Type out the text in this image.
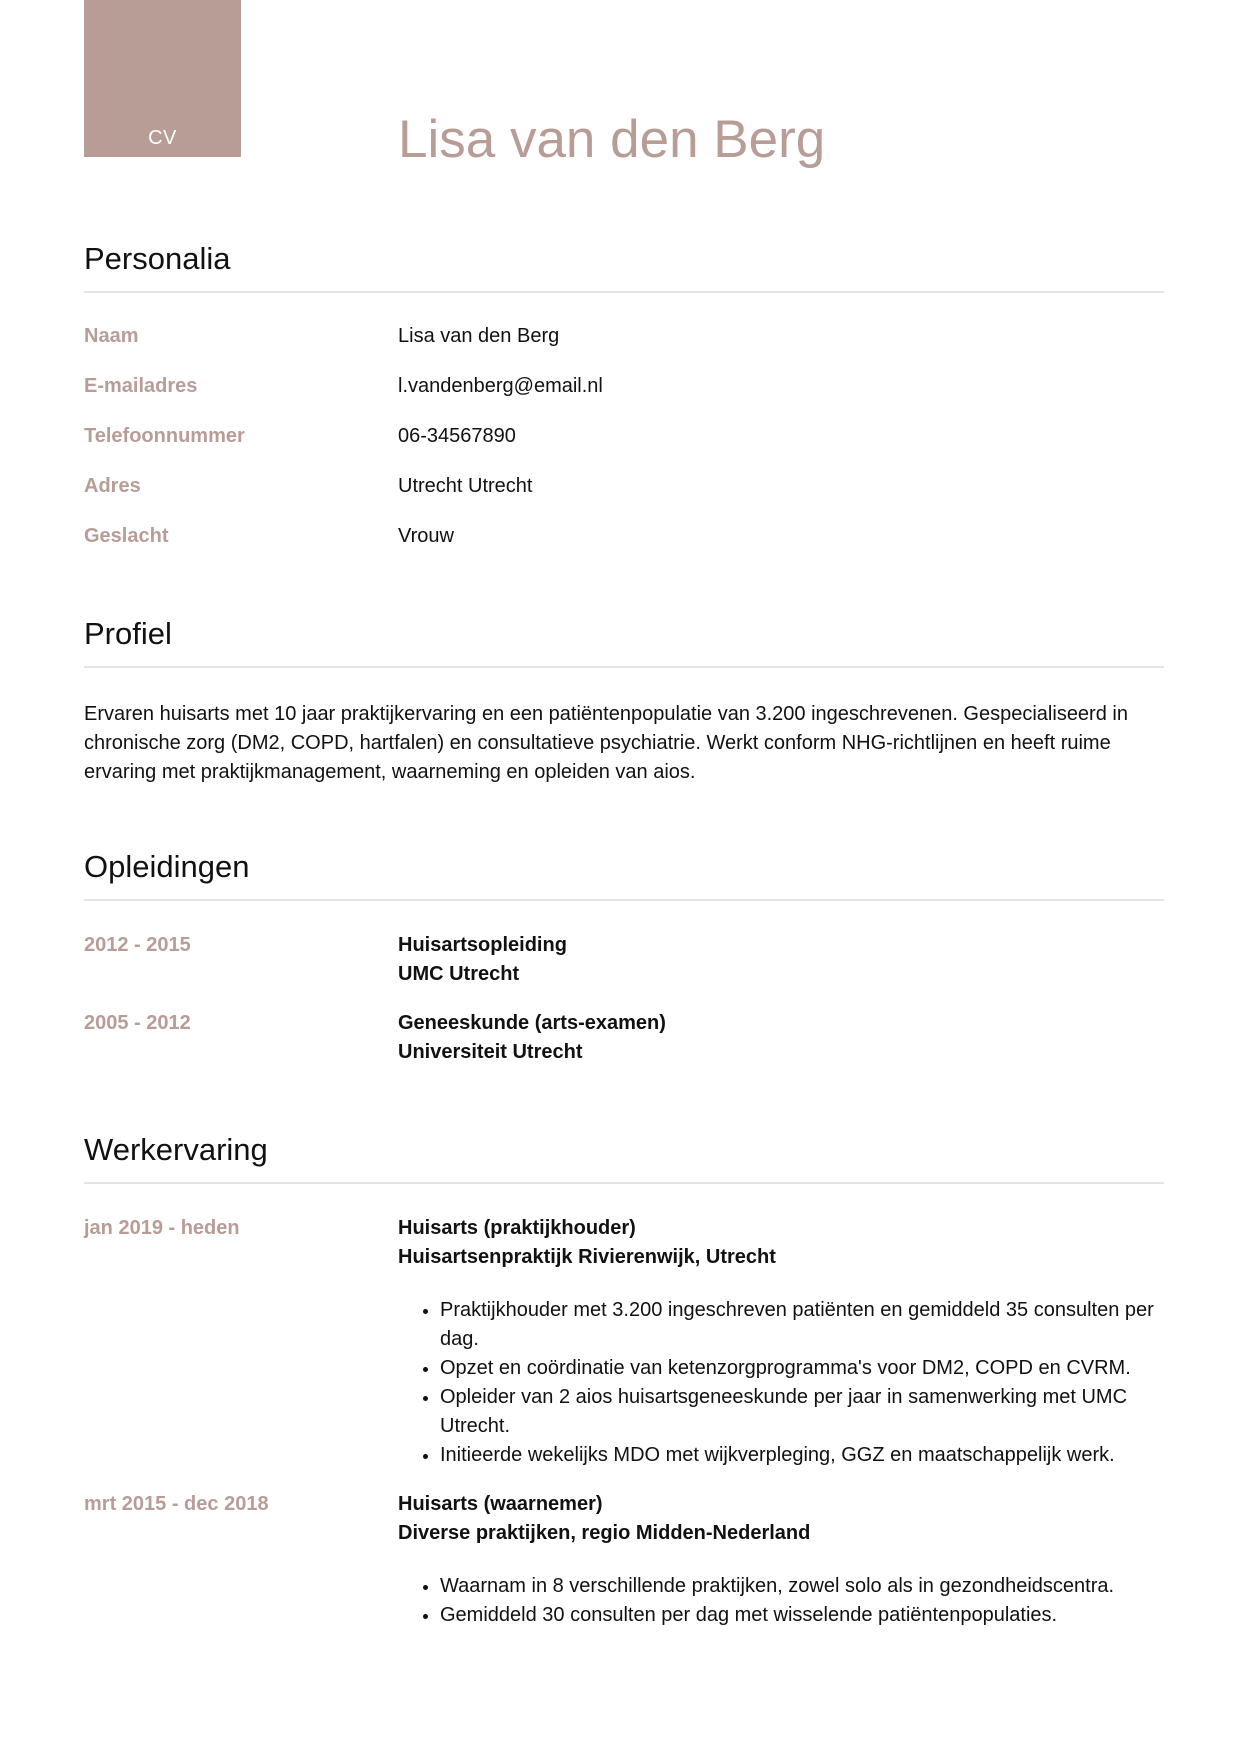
CV	Lisa van den Berg
Personalia
Naam	Lisa van den Berg
E-mailadres	l.vandenberg@email.nl
Telefoonnummer	06-34567890
Adres	Utrecht Utrecht
Geslacht	Vrouw
Profiel
Ervaren huisarts met 10 jaar praktijkervaring en een patiëntenpopulatie van 3.200 ingeschrevenen. Gespecialiseerd in chronische zorg (DM2, COPD, hartfalen) en consultatieve psychiatrie. Werkt conform NHG-richtlijnen en heeft ruime ervaring met praktijkmanagement, waarneming en opleiden van aios.
Opleidingen
2012 - 2015	Huisartsopleiding
UMC Utrecht
2005 - 2012	Geneeskunde (arts-examen)
Universiteit Utrecht
Werkervaring
jan 2019 - heden	Huisarts (praktijkhouder)
Huisartsenpraktijk Rivierenwijk, Utrecht
• Praktijkhouder met 3.200 ingeschreven patiënten en gemiddeld 35 consulten per dag.
• Opzet en coördinatie van ketenzorgprogramma's voor DM2, COPD en CVRM.
• Opleider van 2 aios huisartsgeneeskunde per jaar in samenwerking met UMC Utrecht.
• Initieerde wekelijks MDO met wijkverpleging, GGZ en maatschappelijk werk.
mrt 2015 - dec 2018	Huisarts (waarnemer)
Diverse praktijken, regio Midden-Nederland
• Waarnam in 8 verschillende praktijken, zowel solo als in gezondheidscentra.
• Gemiddeld 30 consulten per dag met wisselende patiëntenpopulaties.
